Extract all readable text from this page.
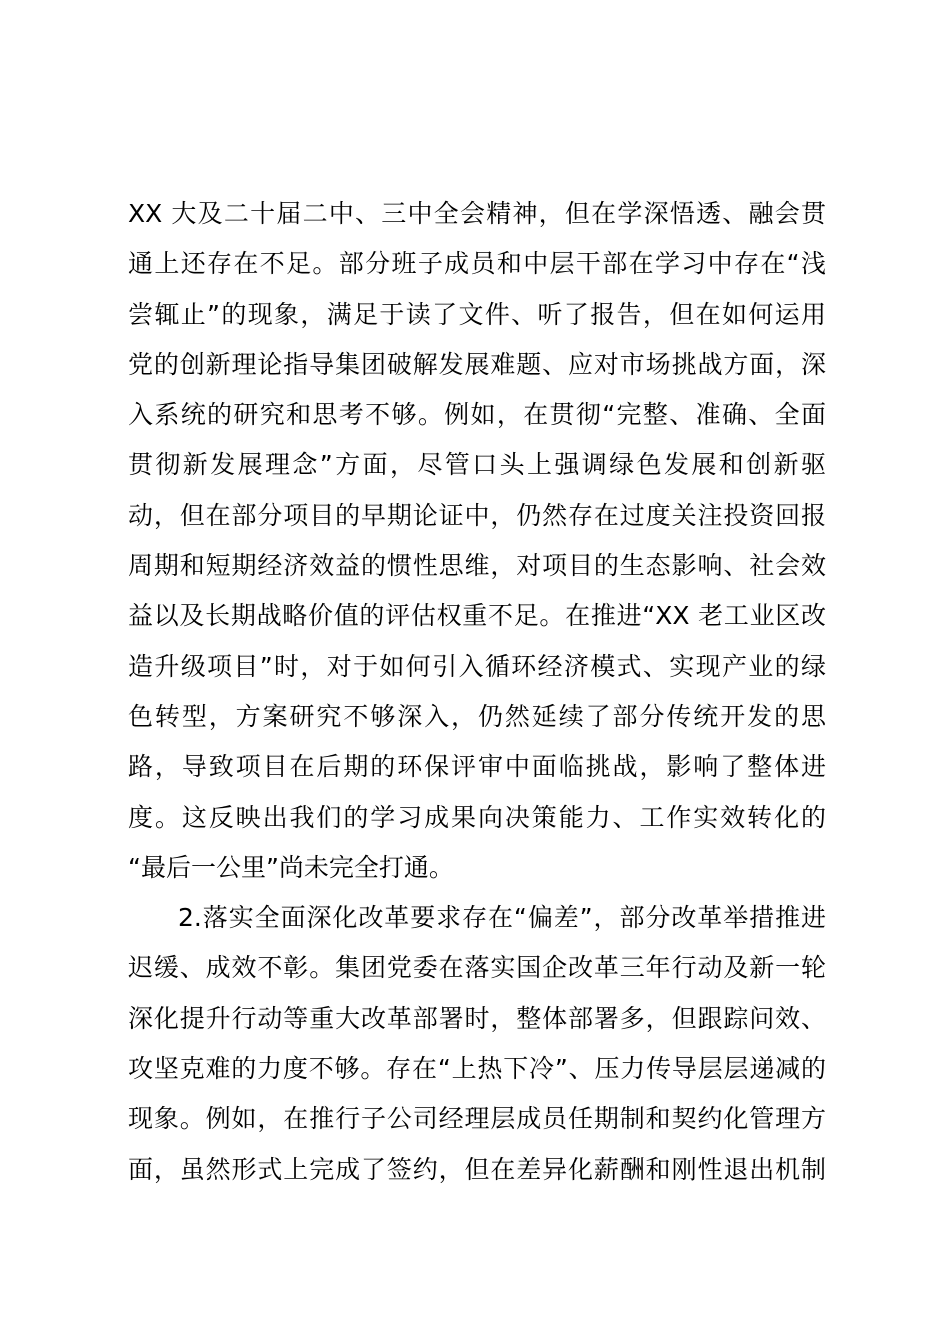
XX 大及二十届二中、三中全会精神，但在学深悟透、融会贯
通上还存在不足。部分班子成员和中层干部在学习中存在“浅
尝辄止”的现象，满足于读了文件、听了报告，但在如何运用
党的创新理论指导集团破解发展难题、应对市场挑战方面，深
入系统的研究和思考不够。例如，在贯彻“完整、准确、全面
贯彻新发展理念”方面，尽管口头上强调绿色发展和创新驱
动，但在部分项目的早期论证中，仍然存在过度关注投资回报
周期和短期经济效益的惯性思维，对项目的生态影响、社会效
益以及长期战略价值的评估权重不足。在推进“XX 老工业区改
造升级项目”时，对于如何引入循环经济模式、实现产业的绿
色转型，方案研究不够深入，仍然延续了部分传统开发的思
路，导致项目在后期的环保评审中面临挑战，影响了整体进
度。这反映出我们的学习成果向决策能力、工作实效转化的
“最后一公里”尚未完全打通。
2.落实全面深化改革要求存在“偏差”，部分改革举措推进
迟缓、成效不彰。集团党委在落实国企改革三年行动及新一轮
深化提升行动等重大改革部署时，整体部署多，但跟踪问效、
攻坚克难的力度不够。存在“上热下冷”、压力传导层层递减的
现象。例如，在推行子公司经理层成员任期制和契约化管理方
面，虽然形式上完成了签约，但在差异化薪酬和刚性退出机制
